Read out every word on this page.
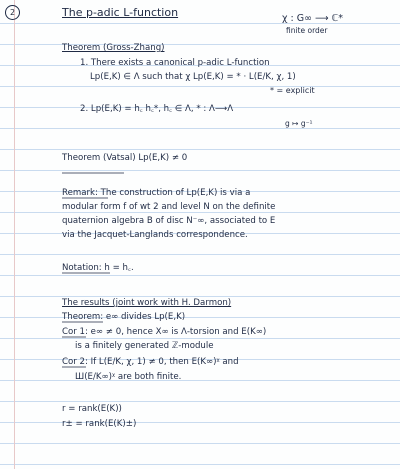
2	The p-adic L-function	χ : G∞ ⟶ ℂ*
finite order
Theorem (Gross-Zhang)
1. There exists a canonical p-adic L-function
Lp(E,K) ∈ Λ such that χ Lp(E,K) = * · L(E/K, χ, 1)
* = explicit
2. Lp(E,K) = h꜀ h꜀*, h꜀ ∈ Λ, * : Λ⟶Λ
g ↦ g⁻¹
Theorem (Vatsal) Lp(E,K) ≠ 0
Remark: The construction of Lp(E,K) is via a
modular form f of wt 2 and level N on the definite
quaternion algebra B of disc N⁻∞, associated to E
via the Jacquet-Langlands correspondence.
Notation: h = h꜀.
The results (joint work with H. Darmon)
Theorem: e∞ divides Lp(E,K)
Cor 1: e∞ ≠ 0, hence X∞ is Λ-torsion and E(K∞)
is a finitely generated ℤ-module
Cor 2: If L(E/K, χ, 1) ≠ 0, then E(K∞)ᵡ and
Ш(E/K∞)ᵡ are both finite.
r = rank(E(K))
r± = rank(E(K)±)
